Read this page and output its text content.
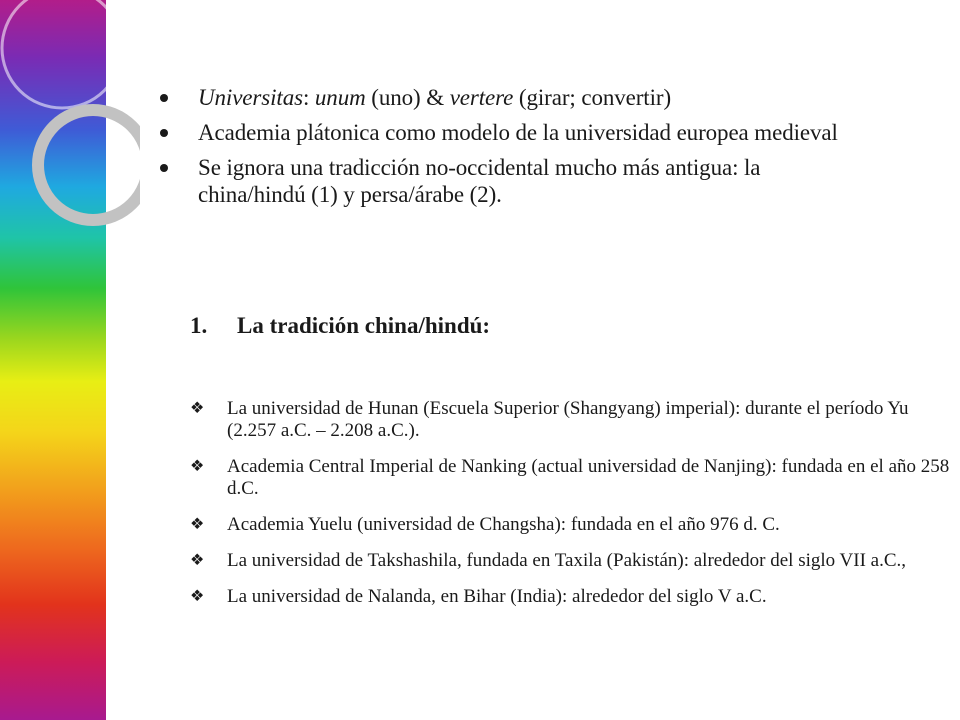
Universitas: unum (uno) & vertere (girar; convertir)
Academia plátonica como modelo de la universidad europea medieval
Se ignora una tradicción no-occidental mucho más antigua: la china/hindú (1) y persa/árabe (2).
1. La tradición china/hindú:
❖ La universidad de Hunan (Escuela Superior (Shangyang) imperial): durante el período Yu (2.257 a.C. – 2.208 a.C.).
❖ Academia Central Imperial de Nanking (actual universidad de Nanjing): fundada en el año 258 d.C.
❖ Academia Yuelu (universidad de Changsha): fundada en el año 976 d. C.
❖ La universidad de Takshashila, fundada en Taxila (Pakistán): alrededor del siglo VII a.C.,
❖ La universidad de Nalanda, en Bihar (India): alrededor del siglo V a.C.
